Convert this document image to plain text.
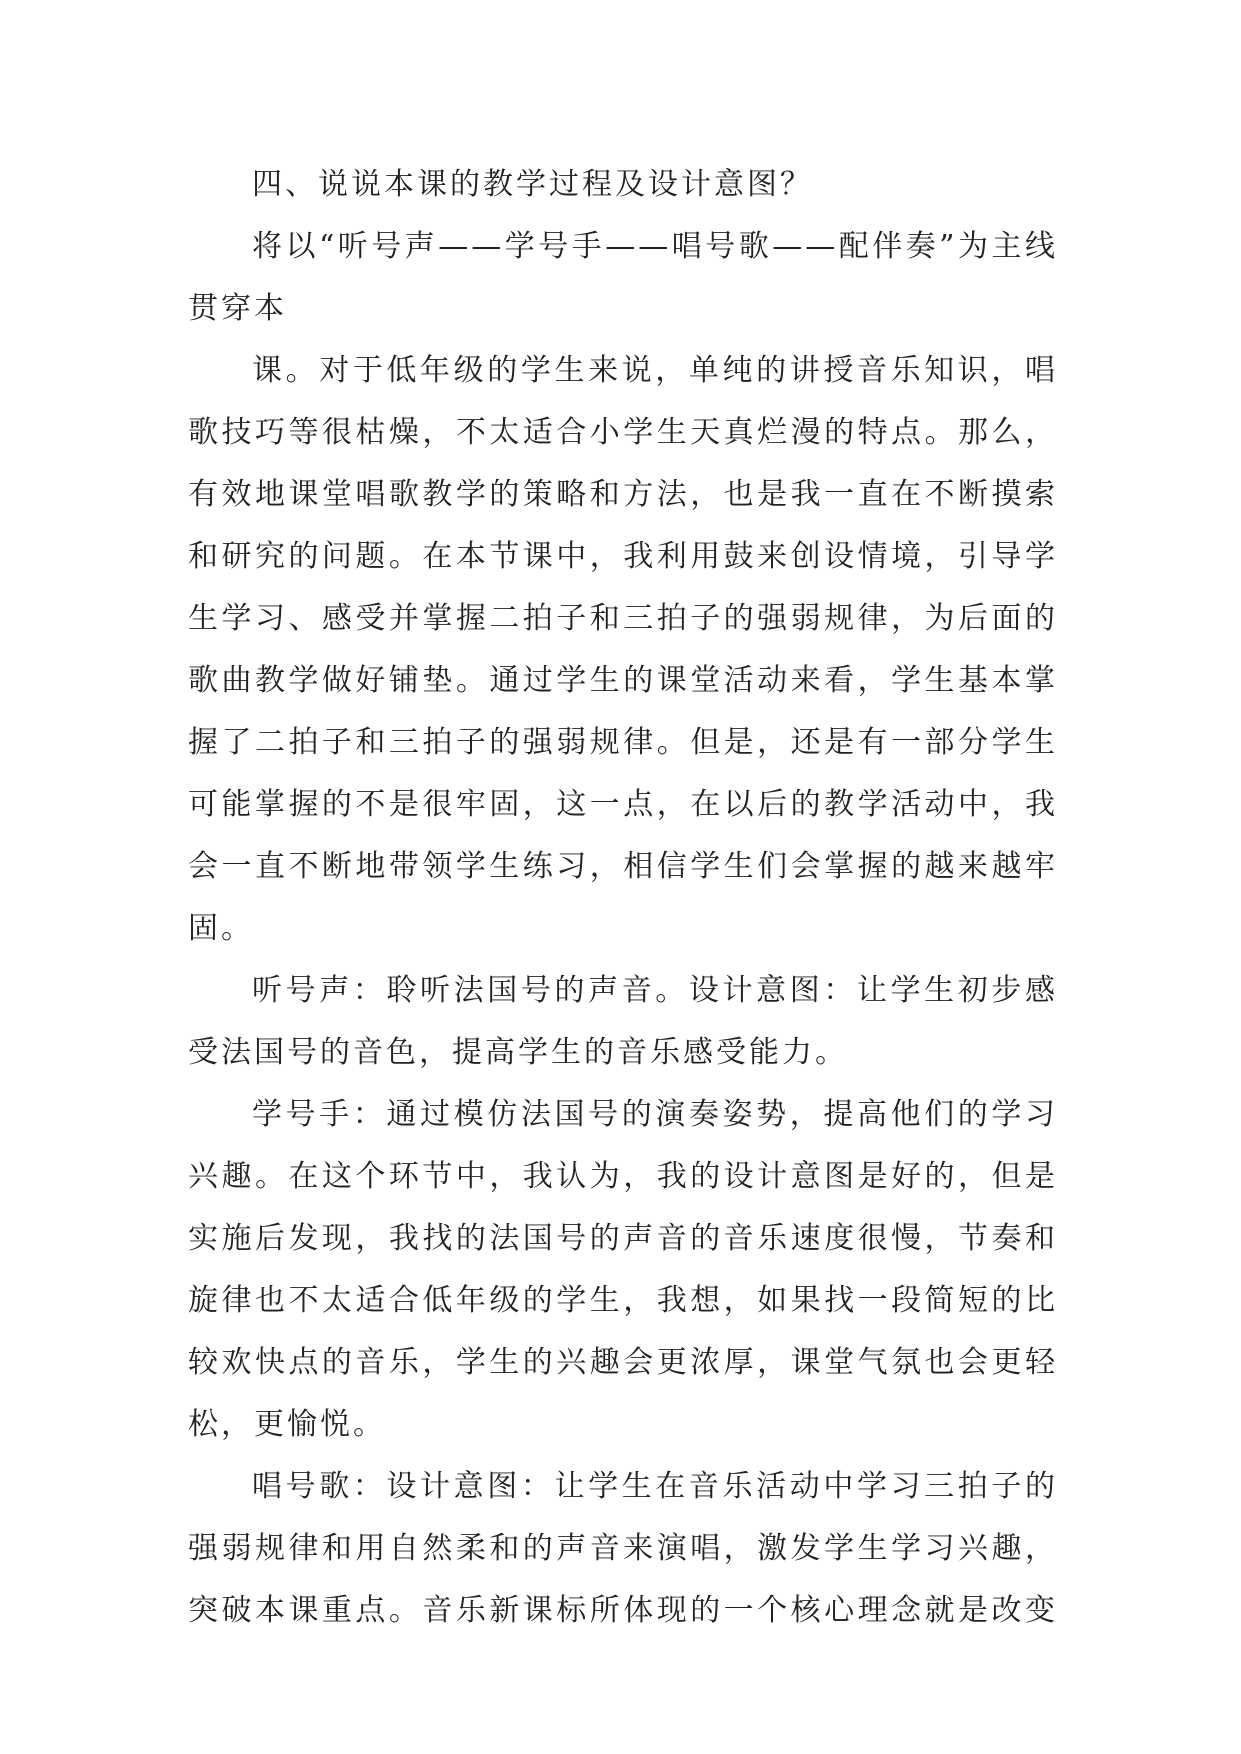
四、说说本课的教学过程及设计意图？

将以“听号声——学号手——唱号歌——配伴奏”为主线贯穿本

课。对于低年级的学生来说，单纯的讲授音乐知识，唱歌技巧等很枯燥，不太适合小学生天真烂漫的特点。那么，有效地课堂唱歌教学的策略和方法，也是我一直在不断摸索和研究的问题。在本节课中，我利用鼓来创设情境，引导学生学习、感受并掌握二拍子和三拍子的强弱规律，为后面的歌曲教学做好铺垫。通过学生的课堂活动来看，学生基本掌握了二拍子和三拍子的强弱规律。但是，还是有一部分学生可能掌握的不是很牢固，这一点，在以后的教学活动中，我会一直不断地带领学生练习，相信学生们会掌握的越来越牢固。

听号声：聆听法国号的声音。设计意图：让学生初步感受法国号的音色，提高学生的音乐感受能力。

学号手：通过模仿法国号的演奏姿势，提高他们的学习兴趣。在这个环节中，我认为，我的设计意图是好的，但是实施后发现，我找的法国号的声音的音乐速度很慢，节奏和旋律也不太适合低年级的学生，我想，如果找一段简短的比较欢快点的音乐，学生的兴趣会更浓厚，课堂气氛也会更轻松，更愉悦。

唱号歌：设计意图：让学生在音乐活动中学习三拍子的强弱规律和用自然柔和的声音来演唱，激发学生学习兴趣，突破本课重点。音乐新课标所体现的一个核心理念就是改变
